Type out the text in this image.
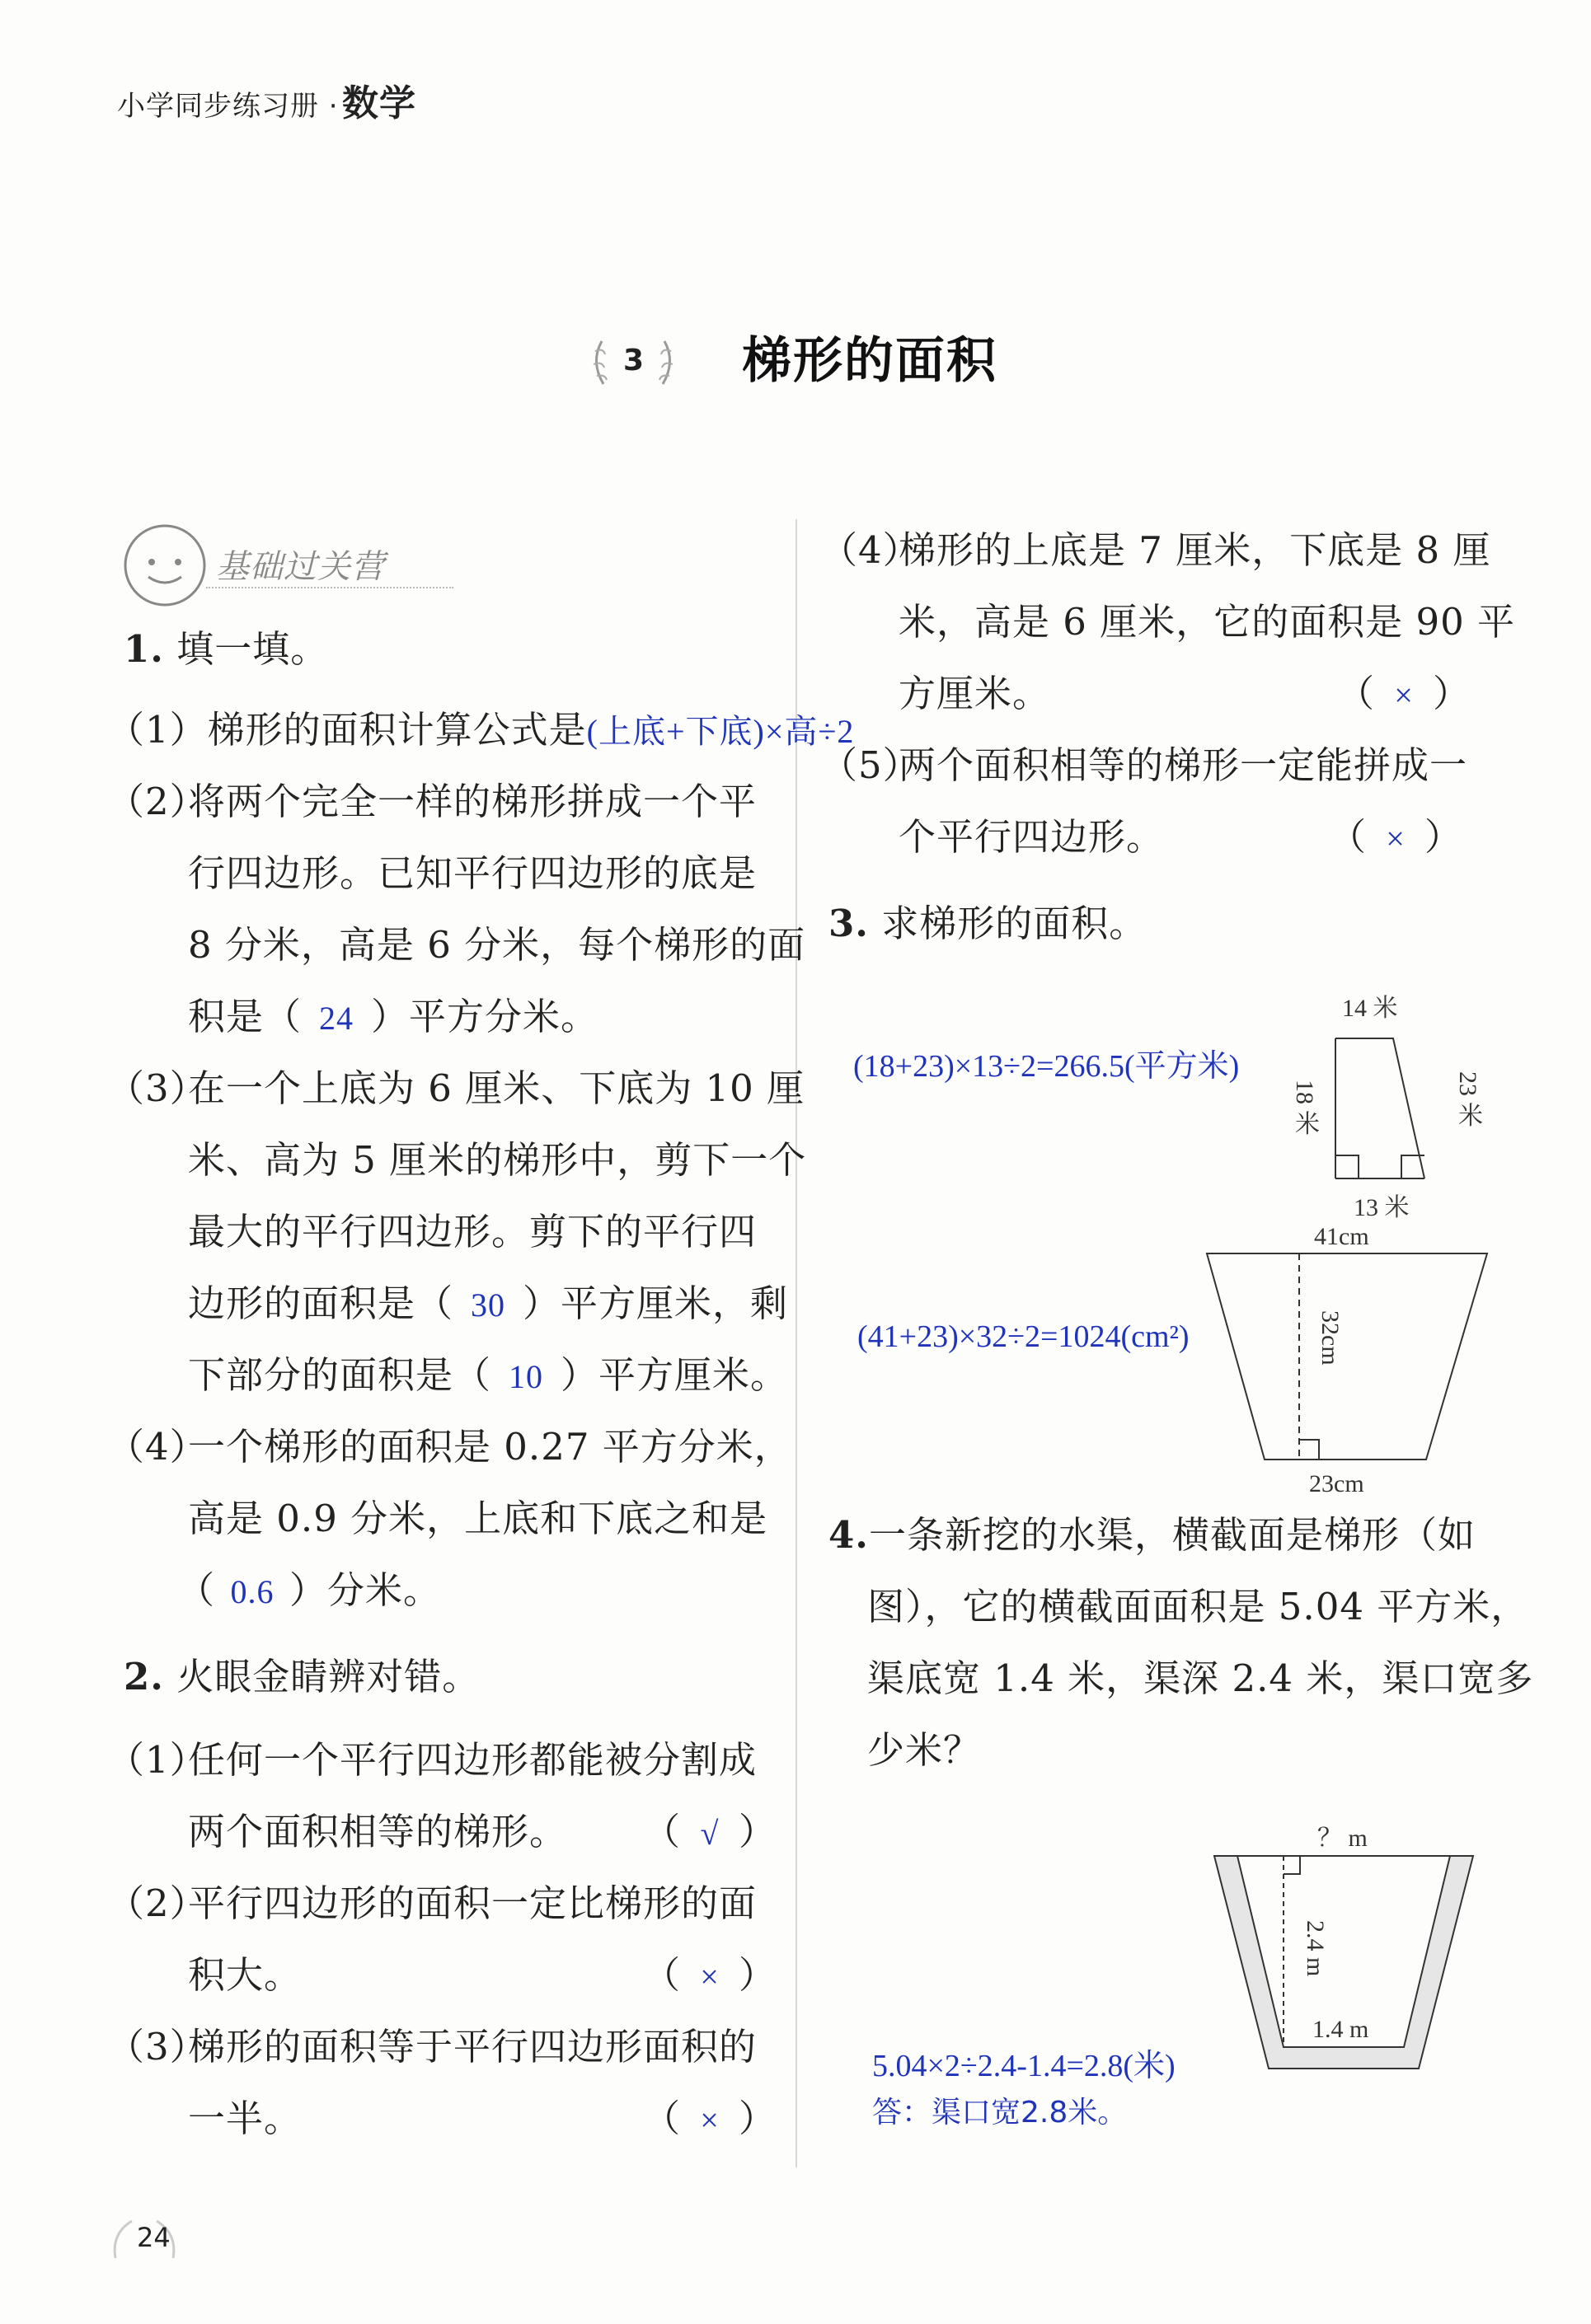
小学同步练习册 · 数学
3 梯形的面积
基础过关营
1. 填一填。
（1）梯形的面积计算公式是(上底+下底)×高÷2
（2）
将两个完全一样的梯形拼成一个平
行四边形。已知平行四边形的底是
8 分米，高是 6 分米，每个梯形的面
积是（ 24 ）平方分米。
（3）
在一个上底为 6 厘米、下底为 10 厘
米、高为 5 厘米的梯形中，剪下一个
最大的平行四边形。剪下的平行四
边形的面积是（ 30 ）平方厘米，剩
下部分的面积是（ 10 ）平方厘米。
（4）
一个梯形的面积是 0.27 平方分米，
高是 0.9 分米，上底和下底之和是
（ 0.6 ）分米。
2. 火眼金睛辨对错。
（1）
任何一个平行四边形都能被分割成
两个面积相等的梯形。 （ √ ）
（2）
平行四边形的面积一定比梯形的面
积大。	（ × ）
（3）
梯形的面积等于平行四边形面积的
一半。	（ × ）
（4）
梯形的上底是 7 厘米，下底是 8 厘
米，高是 6 厘米，它的面积是 90 平
方厘米。	（ × ）
（5）
两个面积相等的梯形一定能拼成一
个平行四边形。	（ × ）
3. 求梯形的面积。
(18+23)×13÷2=266.5(平方米)
14 米
18 米	23 米
13 米
41cm
32cm
23cm
(41+23)×32÷2=1024(cm²)
4.一条新挖的水渠，横截面是梯形（如
图），它的横截面面积是 5.04 平方米，
渠底宽 1.4 米，渠深 2.4 米，渠口宽多
少米？
？ m
2.4 m
1.4 m
5.04×2÷2.4-1.4=2.8(米)
答：渠口宽2.8米。
24
